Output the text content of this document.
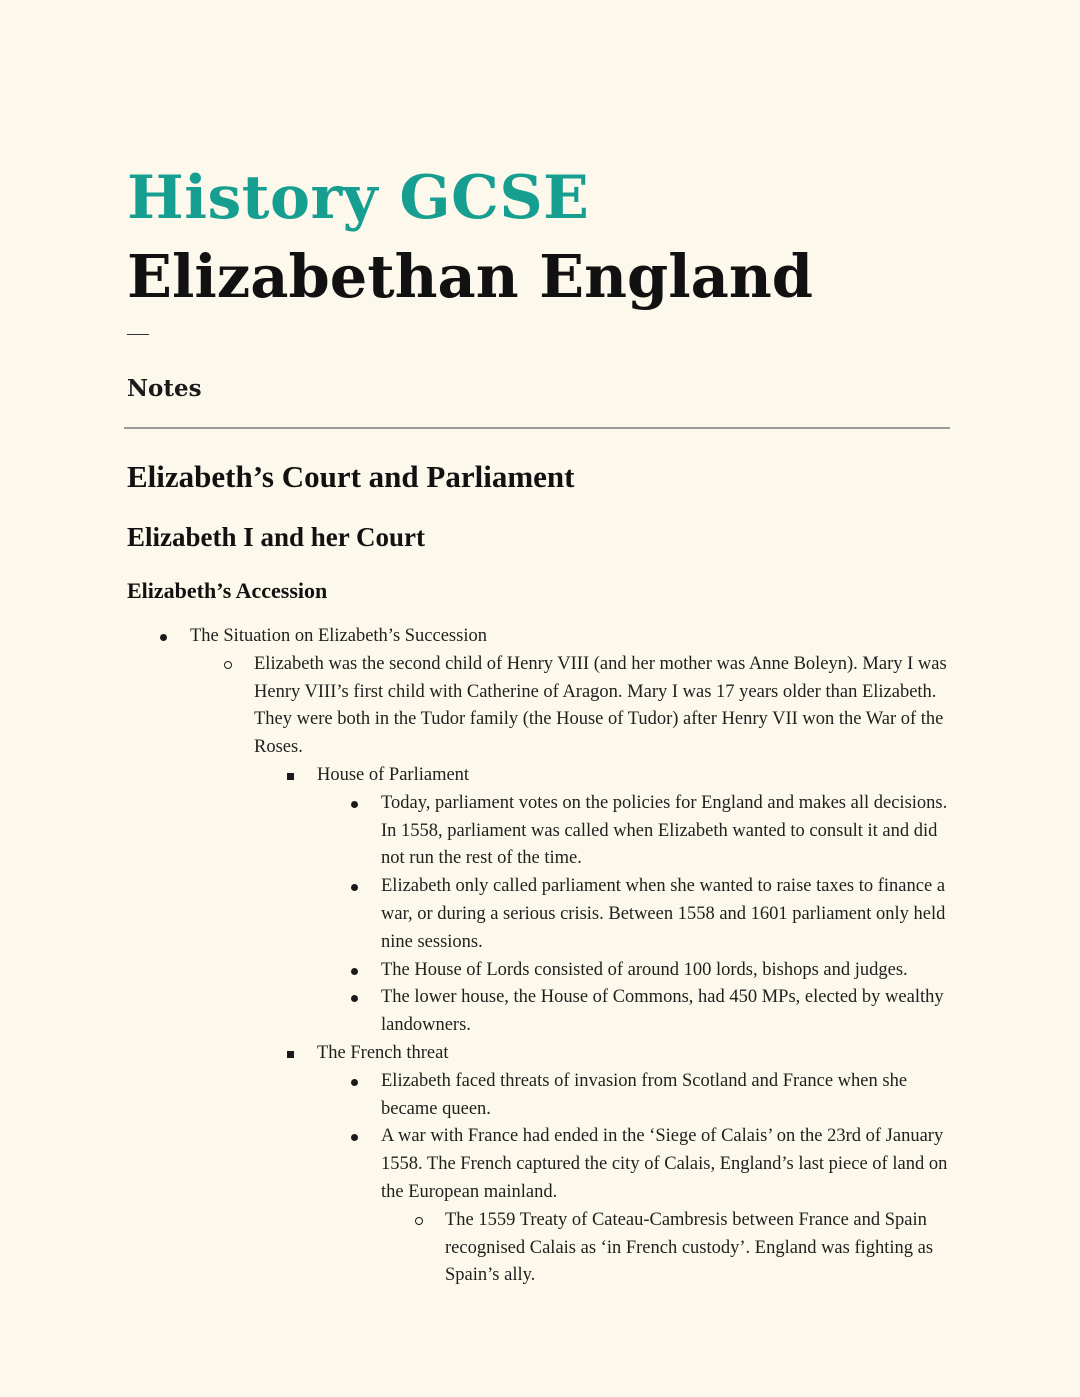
History GCSE
Elizabethan England
Notes
Elizabeth’s Court and Parliament
Elizabeth I and her Court
Elizabeth’s Accession
The Situation on Elizabeth’s Succession
Elizabeth was the second child of Henry VIII (and her mother was Anne Boleyn). Mary I was Henry VIII’s first child with Catherine of Aragon. Mary I was 17 years older than Elizabeth. They were both in the Tudor family (the House of Tudor) after Henry VII won the War of the Roses.
House of Parliament
Today, parliament votes on the policies for England and makes all decisions. In 1558, parliament was called when Elizabeth wanted to consult it and did not run the rest of the time.
Elizabeth only called parliament when she wanted to raise taxes to finance a war, or during a serious crisis. Between 1558 and 1601 parliament only held nine sessions.
The House of Lords consisted of around 100 lords, bishops and judges.
The lower house, the House of Commons, had 450 MPs, elected by wealthy landowners.
The French threat
Elizabeth faced threats of invasion from Scotland and France when she became queen.
A war with France had ended in the ‘Siege of Calais’ on the 23rd of January 1558. The French captured the city of Calais, England’s last piece of land on the European mainland.
The 1559 Treaty of Cateau-Cambresis between France and Spain recognised Calais as ‘in French custody’. England was fighting as Spain’s ally.
